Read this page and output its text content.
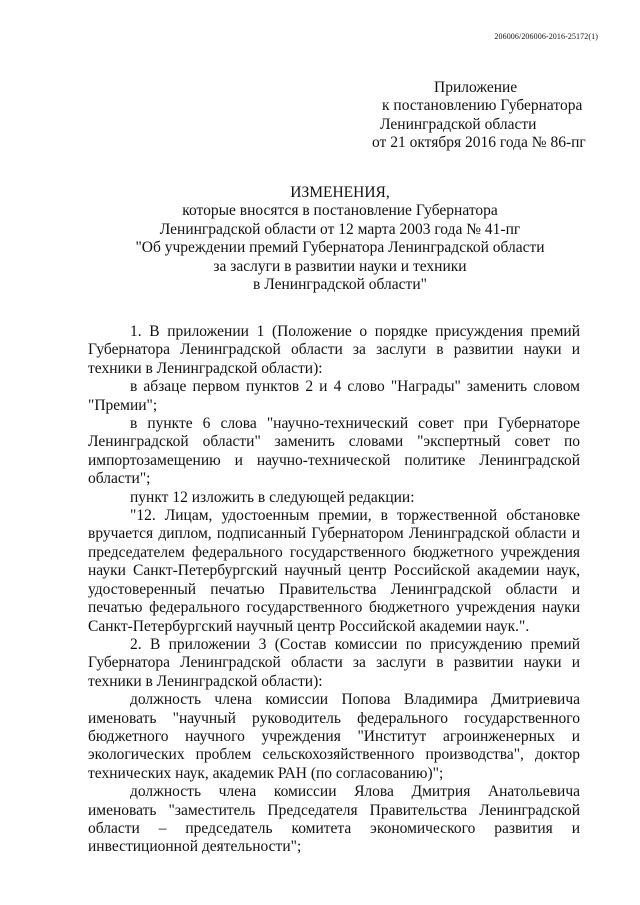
206006/206006-2016-25172(1)
Приложение
к постановлению Губернатора
Ленинградской области
от 21 октября 2016 года № 86-пг
ИЗМЕНЕНИЯ,
которые вносятся в постановление Губернатора
Ленинградской области от 12 марта 2003 года № 41-пг
"Об учреждении премий Губернатора Ленинградской области
за заслуги в развитии науки и техники
в Ленинградской области"

1. В приложении 1 (Положение о порядке присуждения премий Губернатора Ленинградской области за заслуги в развитии науки и техники в Ленинградской области):

в абзаце первом пунктов 2 и 4 слово "Награды" заменить словом "Премии";

в пункте 6 слова "научно-технический совет при Губернаторе Ленинградской области" заменить словами "экспертный совет по импортозамещению и научно-технической политике Ленинградской области";

пункт 12 изложить в следующей редакции:

"12. Лицам, удостоенным премии, в торжественной обстановке вручается диплом, подписанный Губернатором Ленинградской области и председателем федерального государственного бюджетного учреждения науки Санкт-Петербургский научный центр Российской академии наук, удостоверенный печатью Правительства Ленинградской области и печатью федерального государственного бюджетного учреждения науки Санкт-Петербургский научный центр Российской академии наук.".

2. В приложении 3 (Состав комиссии по присуждению премий Губернатора Ленинградской области за заслуги в развитии науки и техники в Ленинградской области):

должность члена комиссии Попова Владимира Дмитриевича именовать "научный руководитель федерального государственного бюджетного научного учреждения "Институт агроинженерных и экологических проблем сельскохозяйственного производства", доктор технических наук, академик РАН (по согласованию)";

должность члена комиссии Ялова Дмитрия Анатольевича именовать "заместитель Председателя Правительства Ленинградской области – председатель комитета экономического развития и инвестиционной деятельности";
